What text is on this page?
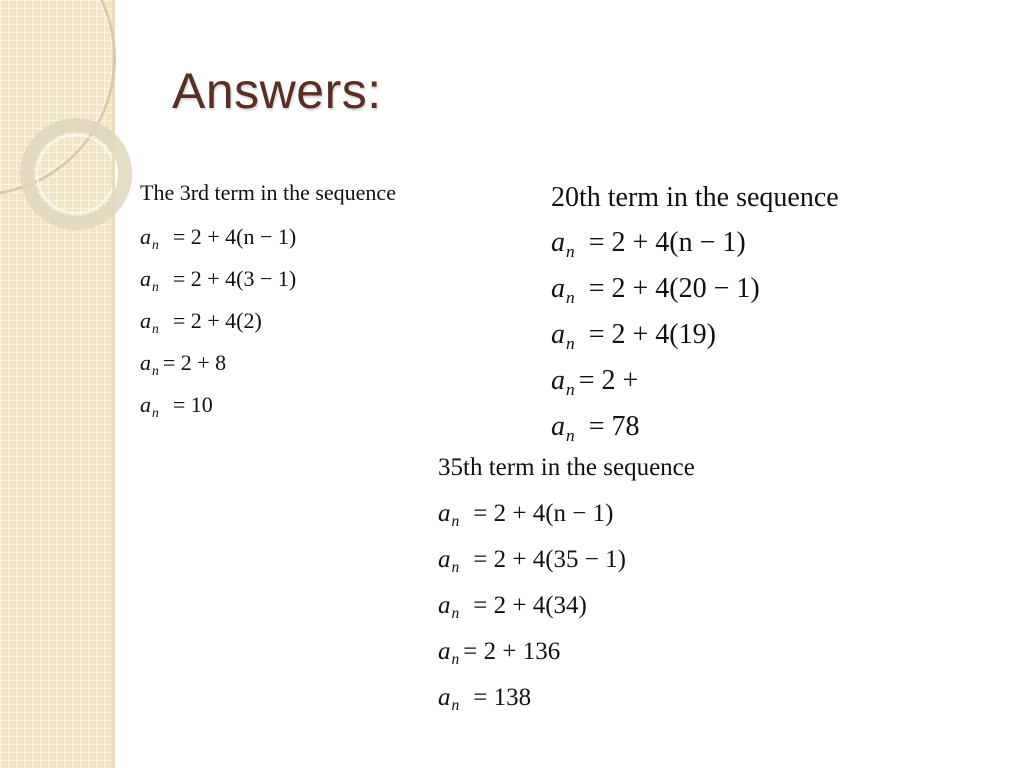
Answers:
The 3rd term in the sequence
a n = 2 + 4(n − 1)
a n = 2 + 4(3 − 1)
a n = 2 + 4(2)
a n = 2 + 8
a n = 10
20th term in the sequence
a n = 2 + 4(n − 1)
a n = 2 + 4(20 − 1)
a n = 2 + 4(19)
a n = 2 +
a n = 78
35th term in the sequence
a n = 2 + 4(n − 1)
a n = 2 + 4(35 − 1)
a n = 2 + 4(34)
a n = 2 + 136
a n = 138
